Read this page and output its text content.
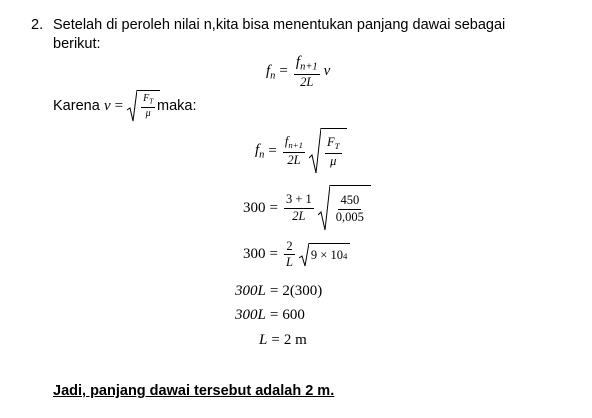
2. Setelah di peroleh nilai n,kita bisa menentukan panjang dawai sebagai
berikut:
$f_n = \frac{f_{n+1}}{2L}$ v
Karena $v = \frac{F_T}{\mu}$ maka:
$f_n = \frac{f_{n+1}}{2L} \frac{F_T}{\mu}$
$300 = \frac{3 + 1}{2L} \frac{450}{0,005}$
$300 = \frac{2}{L} 9 \times 10$ 4
300L = 2(300)
300L = 600
L = 2 m
Jadi, panjang dawai tersebut adalah 2 m.
